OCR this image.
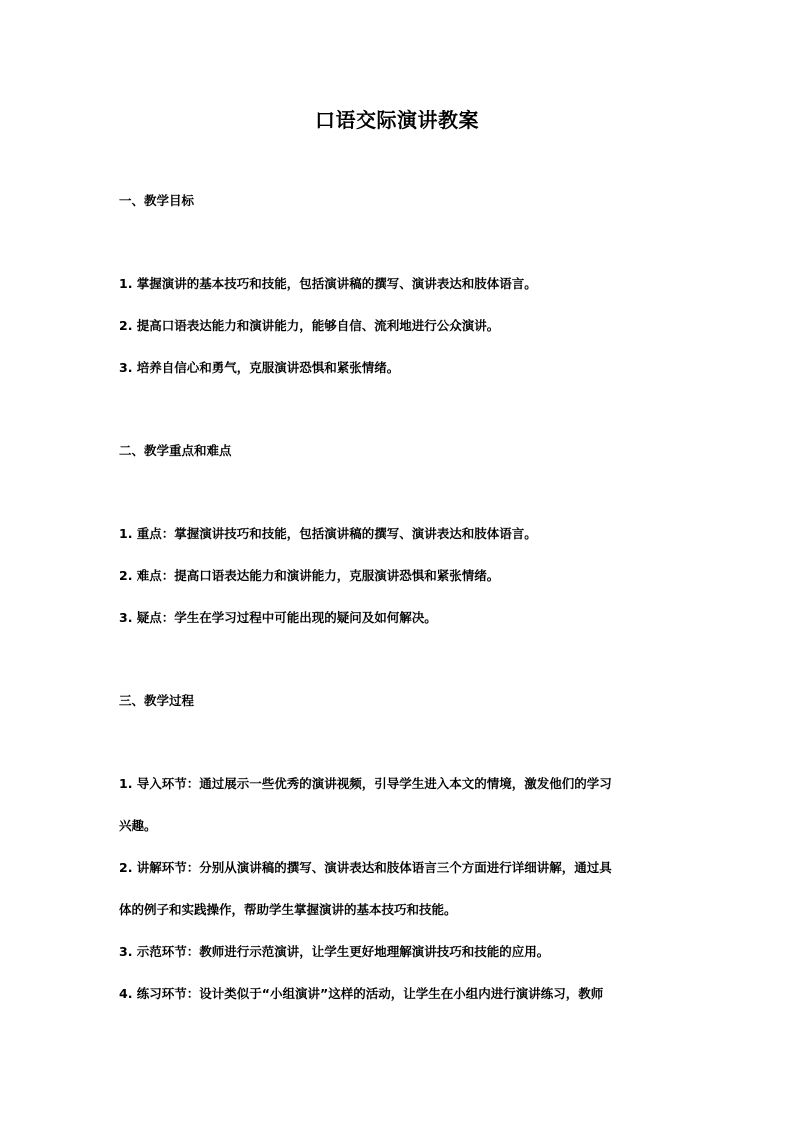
口语交际演讲教案
一、教学目标
1. 掌握演讲的基本技巧和技能，包括演讲稿的撰写、演讲表达和肢体语言。
2. 提高口语表达能力和演讲能力，能够自信、流利地进行公众演讲。
3. 培养自信心和勇气，克服演讲恐惧和紧张情绪。
二、教学重点和难点
1. 重点：掌握演讲技巧和技能，包括演讲稿的撰写、演讲表达和肢体语言。
2. 难点：提高口语表达能力和演讲能力，克服演讲恐惧和紧张情绪。
3. 疑点：学生在学习过程中可能出现的疑问及如何解决。
三、教学过程
1. 导入环节：通过展示一些优秀的演讲视频，引导学生进入本文的情境，激发他们的学习
兴趣。
2. 讲解环节：分别从演讲稿的撰写、演讲表达和肢体语言三个方面进行详细讲解，通过具
体的例子和实践操作，帮助学生掌握演讲的基本技巧和技能。
3. 示范环节：教师进行示范演讲，让学生更好地理解演讲技巧和技能的应用。
4. 练习环节：设计类似于“小组演讲”这样的活动，让学生在小组内进行演讲练习，教师
